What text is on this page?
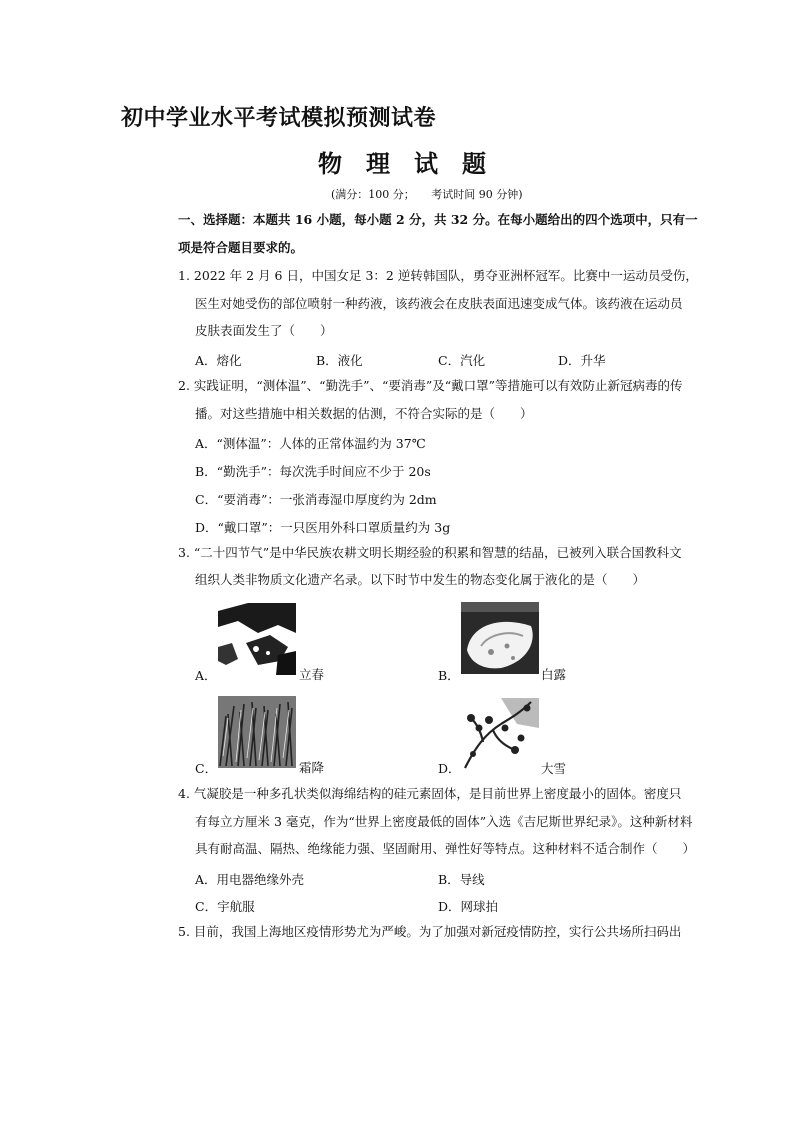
初中学业水平考试模拟预测试卷
物 理 试 题
(满分：100 分；　　考试时间 90 分钟)
一、选择题：本题共 16 小题，每小题 2 分，共 32 分。在每小题给出的四个选项中，只有一
项是符合题目要求的。
1. 2022 年 2 月 6 日，中国女足 3：2 逆转韩国队，勇夺亚洲杯冠军。比赛中一运动员受伤，
医生对她受伤的部位喷射一种药液，该药液会在皮肤表面迅速变成气体。该药液在运动员
皮肤表面发生了（　　）
A．熔化	B．液化	C．汽化	D．升华
2. 实践证明，“测体温”、“勤洗手”、“要消毒”及“戴口罩”等措施可以有效防止新冠病毒的传
播。对这些措施中相关数据的估测，不符合实际的是（　　）
A．“测体温”：人体的正常体温约为 37℃
B．“勤洗手”：每次洗手时间应不少于 20s
C．“要消毒”：一张消毒湿巾厚度约为 2dm
D．“戴口罩”：一只医用外科口罩质量约为 3g
3. “二十四节气”是中华民族农耕文明长期经验的积累和智慧的结晶，已被列入联合国教科文
组织人类非物质文化遗产名录。以下时节中发生的物态变化属于液化的是（　　）
A．	立春	B．	白露
C．	霜降	D．	大雪
4. 气凝胶是一种多孔状类似海绵结构的硅元素固体，是目前世界上密度最小的固体。密度只
有每立方厘米 3 毫克，作为“世界上密度最低的固体”入选《吉尼斯世界纪录》。这种新材料
具有耐高温、隔热、绝缘能力强、坚固耐用、弹性好等特点。这种材料不适合制作（　　）
A．用电器绝缘外壳	B．导线
C．宇航服	D．网球拍
5. 目前，我国上海地区疫情形势尤为严峻。为了加强对新冠疫情防控，实行公共场所扫码出
